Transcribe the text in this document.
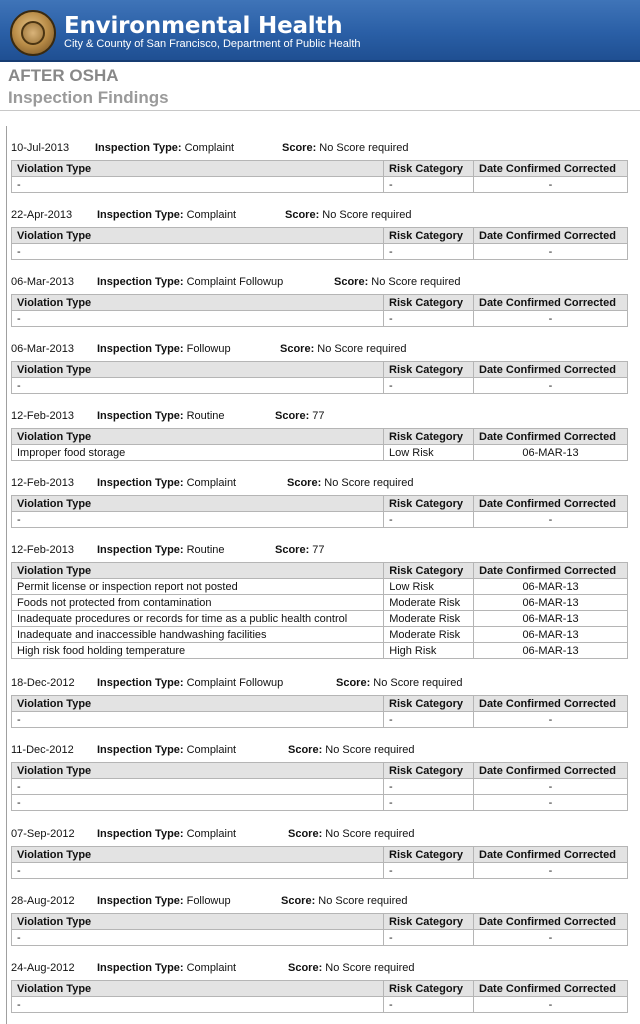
Environmental Health
City & County of San Francisco, Department of Public Health
AFTER OSHA
Inspection Findings
10-Jul-2013 Inspection Type: Complaint	Score: No Score required
Violation Type	Risk Category	Date Confirmed Corrected
-	-	-
22-Apr-2013 Inspection Type: Complaint	Score: No Score required
Violation Type	Risk Category	Date Confirmed Corrected
-	-	-
06-Mar-2013 Inspection Type: Complaint Followup	Score: No Score required
Violation Type	Risk Category	Date Confirmed Corrected
-	-	-
06-Mar-2013 Inspection Type: Followup	Score: No Score required
Violation Type	Risk Category	Date Confirmed Corrected
-	-	-
12-Feb-2013 Inspection Type: Routine	Score: 77
Violation Type	Risk Category	Date Confirmed Corrected
Improper food storage	Low Risk	06-MAR-13
12-Feb-2013 Inspection Type: Complaint	Score: No Score required
Violation Type	Risk Category	Date Confirmed Corrected
-	-	-
12-Feb-2013 Inspection Type: Routine	Score: 77
Violation Type	Risk Category	Date Confirmed Corrected
Permit license or inspection report not posted	Low Risk	06-MAR-13
Foods not protected from contamination	Moderate Risk	06-MAR-13
Inadequate procedures or records for time as a public health control	Moderate Risk	06-MAR-13
Inadequate and inaccessible handwashing facilities	Moderate Risk	06-MAR-13
High risk food holding temperature	High Risk	06-MAR-13
18-Dec-2012 Inspection Type: Complaint Followup	Score: No Score required
Violation Type	Risk Category	Date Confirmed Corrected
-	-	-
11-Dec-2012 Inspection Type: Complaint	Score: No Score required
Violation Type	Risk Category	Date Confirmed Corrected
-	-	-
-	-	-
07-Sep-2012 Inspection Type: Complaint	Score: No Score required
Violation Type	Risk Category	Date Confirmed Corrected
-	-	-
28-Aug-2012 Inspection Type: Followup	Score: No Score required
Violation Type	Risk Category	Date Confirmed Corrected
-	-	-
24-Aug-2012 Inspection Type: Complaint	Score: No Score required
Violation Type	Risk Category	Date Confirmed Corrected
-	-	-
